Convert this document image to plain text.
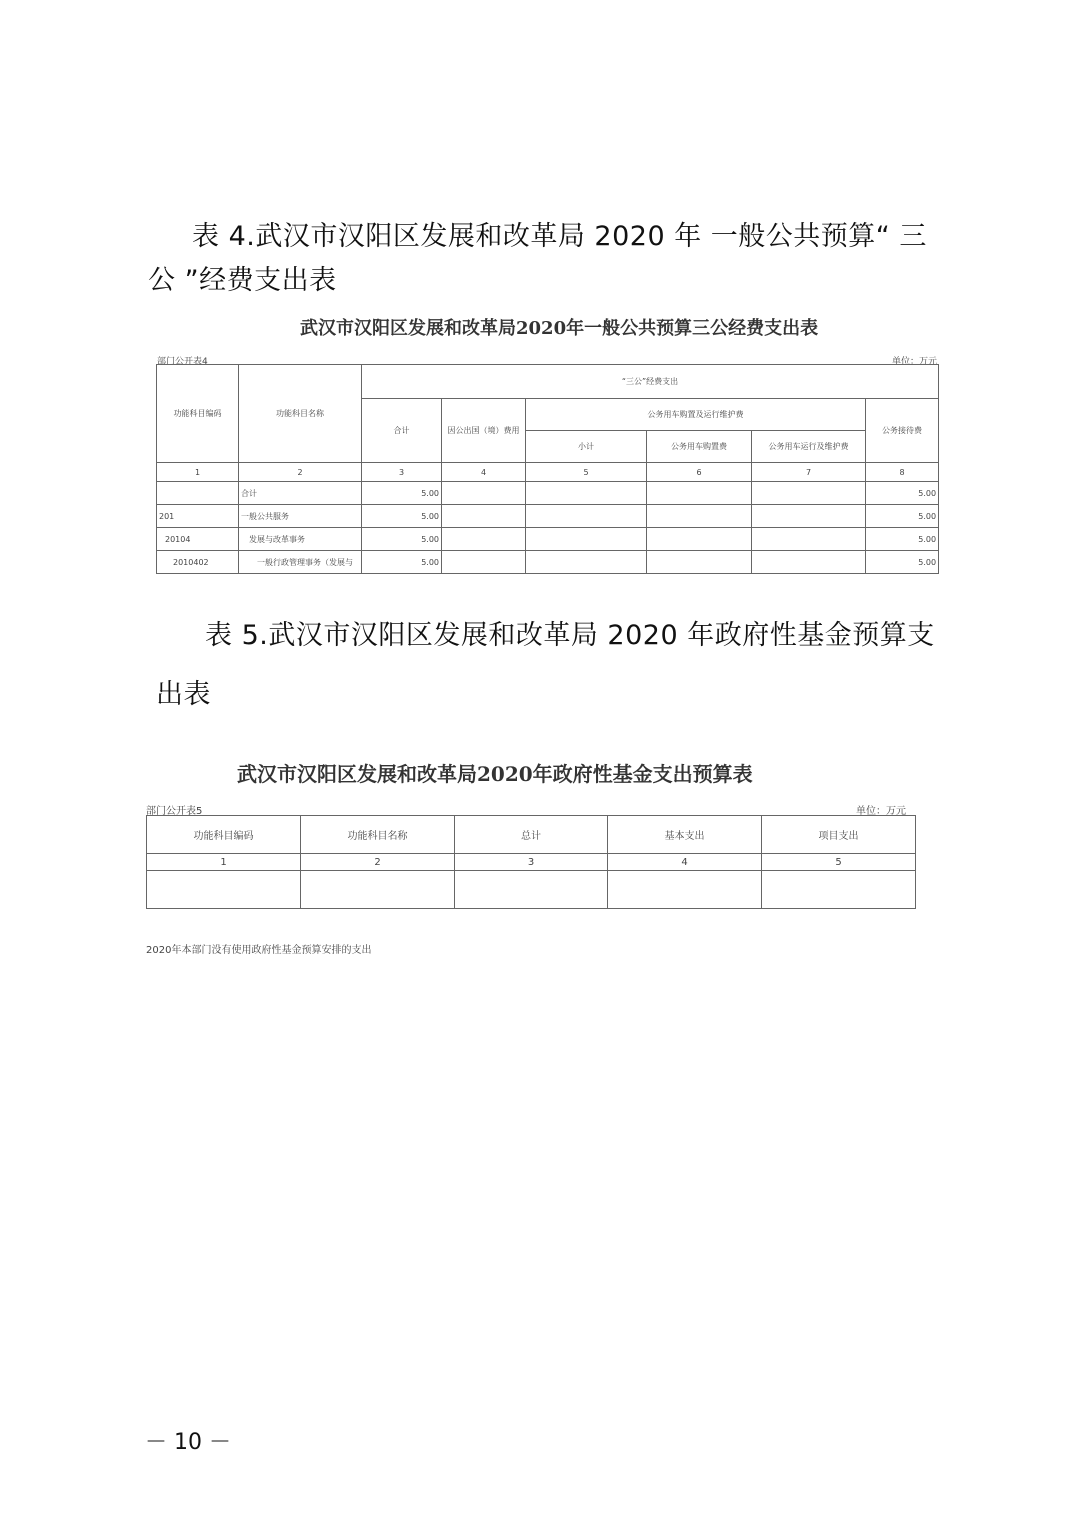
表 4.武汉市汉阳区发展和改革局 2020 年 一般公共预算“ 三
公 ”经费支出表
武汉市汉阳区发展和改革局2020年一般公共预算三公经费支出表
部门公开表4	单位：万元
功能科目编码	功能科目名称	“三公”经费支出					
		合计	因公出国（境）费用	公务用车购置及运行维护费			公务接待费
				小计	公务用车购置费	公务用车运行及维护费	
1	2	3	4	5	6	7	8
	合计	5.00					5.00
201	一般公共服务	5.00					5.00
20104	发展与改革事务	5.00					5.00
2010402	一般行政管理事务（发展与	5.00					5.00
表 5.武汉市汉阳区发展和改革局 2020 年政府性基金预算支
出表
武汉市汉阳区发展和改革局2020年政府性基金支出预算表
部门公开表5	单位：万元
功能科目编码	功能科目名称	总计	基本支出	项目支出
1	2	3	4	5

2020年本部门没有使用政府性基金预算安排的支出
－ 10 －
